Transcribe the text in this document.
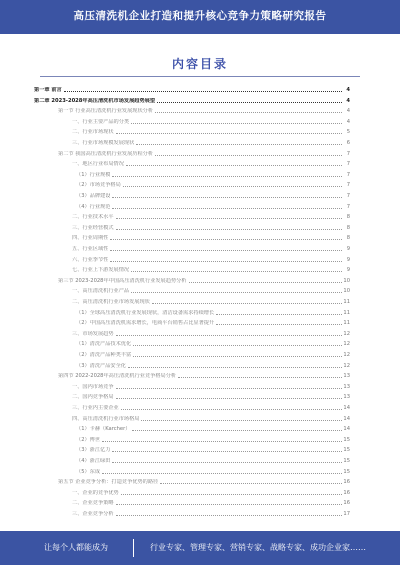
高压清洗机企业打造和提升核心竞争力策略研究报告
内容目录
第一章 前言	4
第二章 2023-2028年高压清洗机市场发展趋势展望	4
第一节 行业高压清洗机行业发展现状分析	4
一、行业主要产品的分类	4
二、行业市场现状	5
三、行业市场规模发展现状	6
第二节 我国高压清洗机行业发展历程分析	7
一、地区行业布局情况	7
（1）行业规模	7
（2）市场竞争格局	7
（3）品牌建设	7
（4）行业规范	7
二、行业技术水平	8
三、行业经营模式	8
四、行业周期性	8
五、行业区域性	9
六、行业季节性	9
七、行业上下游发展情况	9
第三节 2023-2028年中国高压清洗机行业发展趋势分析	10
一、高压清洗机行业产品	10
二、高压清洗机行业市场发展现状	11
（1）全球高压清洗机行业发展现状，清洁设备需求持续增长	11
（2）中国高压清洗机需求增长，电商平台销售占比显著提升	11
三、市场发展趋势	12
（1）清洗产品技术优化	12
（2）清洗产品种类丰富	12
（3）清洗产品安全化	12
第四节 2022-2028年高压清洗机行业竞争格局分析	13
一、国内市场竞争	13
二、国内竞争格局	13
三、行业内主要企业	14
四、高压清洗机行业市场格局	14
（1）卡赫（Karcher）	14
（2）博世	15
（3）浙江亿力	15
（4）浙江绿田	15
（5）东成	15
第五节 企业竞争分析：打造竞争优势的路径	16
一、企业的竞争优势	16
二、企业竞争策略	16
三、企业竞争分析	17
让每个人都能成为	行业专家、管理专家、营销专家、战略专家、成功企业家……
